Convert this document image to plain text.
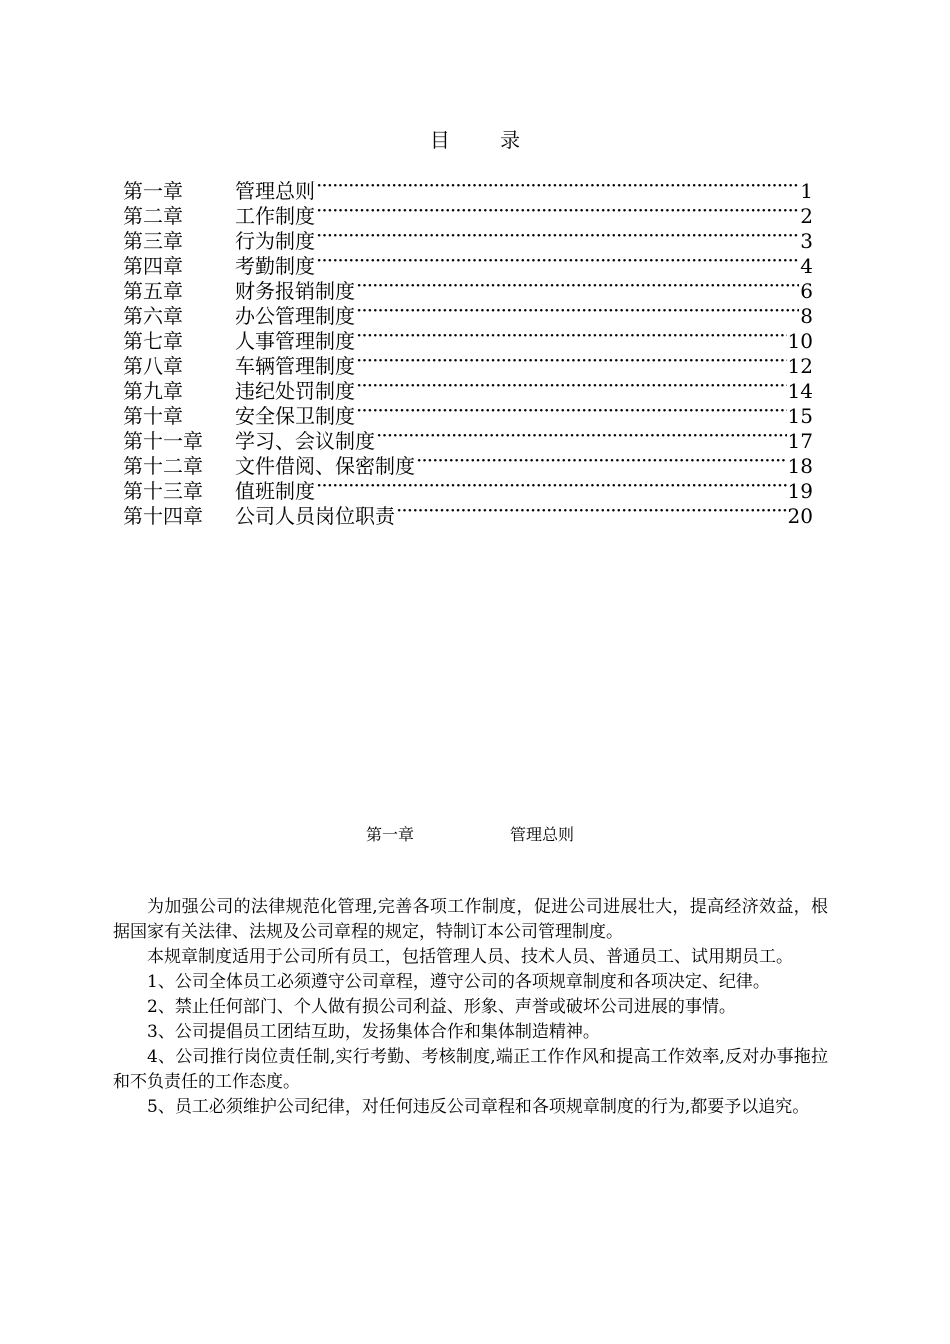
目 录
第一章	管理总则 ·····	1
第二章	工作制度 ·····	2
第三章	行为制度 ·····	3
第四章	考勤制度 ·····	4
第五章	财务报销制度 ·····	6
第六章	办公管理制度 ·····	8
第七章	人事管理制度 ·····	10
第八章	车辆管理制度 ·····	12
第九章	违纪处罚制度 ·····	14
第十章	安全保卫制度 ·····	15
第十一章	学习、会议制度 ·····	17
第十二章	文件借阅、保密制度 ·····	18
第十三章	值班制度 ·····	19
第十四章	公司人员岗位职责 ·····	20
第一章	管理总则

为加强公司的法律规范化管理,完善各项工作制度，促进公司进展壮大，提高经济效益，根据国家有关法律、法规及公司章程的规定，特制订本公司管理制度。

本规章制度适用于公司所有员工，包括管理人员、技术人员、普通员工、试用期员工。

1、公司全体员工必须遵守公司章程，遵守公司的各项规章制度和各项决定、纪律。

2、禁止任何部门、个人做有损公司利益、形象、声誉或破坏公司进展的事情。

3、公司提倡员工团结互助，发扬集体合作和集体制造精神。

4、公司推行岗位责任制,实行考勤、考核制度,端正工作作风和提高工作效率,反对办事拖拉和不负责任的工作态度。

5、员工必须维护公司纪律，对任何违反公司章程和各项规章制度的行为,都要予以追究。
